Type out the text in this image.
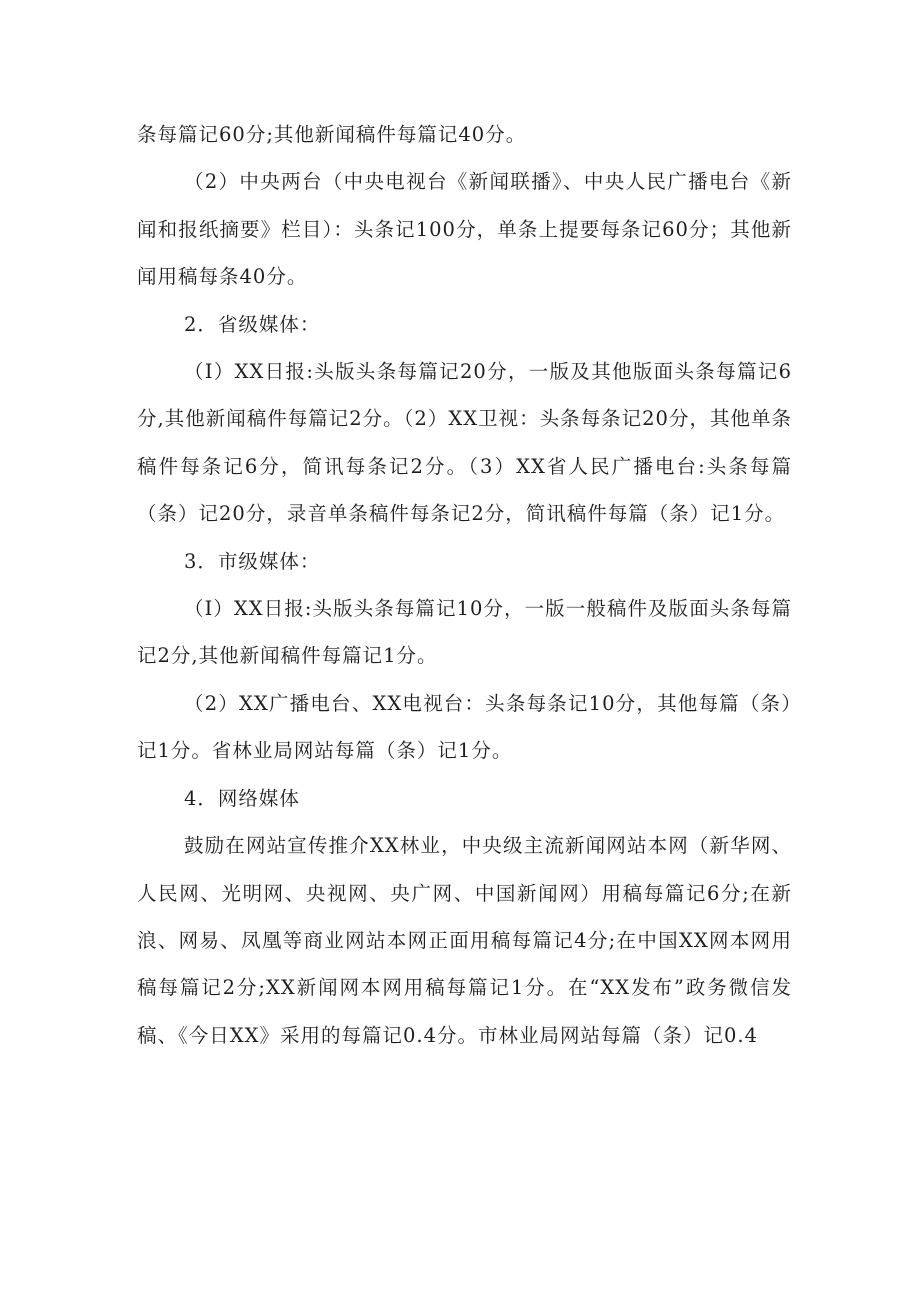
条每篇记60分;其他新闻稿件每篇记40分。

（2）中央两台（中央电视台《新闻联播》、中央人民广播电台《新闻和报纸摘要》栏目）：头条记100分，单条上提要每条记60分；其他新闻用稿每条40分。

2．省级媒体：

（I）XX日报:头版头条每篇记20分，一版及其他版面头条每篇记6分,其他新闻稿件每篇记2分。（2）XX卫视：头条每条记20分，其他单条稿件每条记6分，简讯每条记2分。（3）XX省人民广播电台:头条每篇（条）记20分，录音单条稿件每条记2分，简讯稿件每篇（条）记1分。

3．市级媒体：

（I）XX日报:头版头条每篇记10分，一版一般稿件及版面头条每篇记2分,其他新闻稿件每篇记1分。

（2）XX广播电台、XX电视台：头条每条记10分，其他每篇（条）记1分。省林业局网站每篇（条）记1分。

4．网络媒体

鼓励在网站宣传推介XX林业，中央级主流新闻网站本网（新华网、人民网、光明网、央视网、央广网、中国新闻网）用稿每篇记6分;在新浪、网易、凤凰等商业网站本网正面用稿每篇记4分;在中国XX网本网用稿每篇记2分;XX新闻网本网用稿每篇记1分。在“XX发布”政务微信发稿、《今日XX》采用的每篇记0.4分。市林业局网站每篇（条）记0.4
